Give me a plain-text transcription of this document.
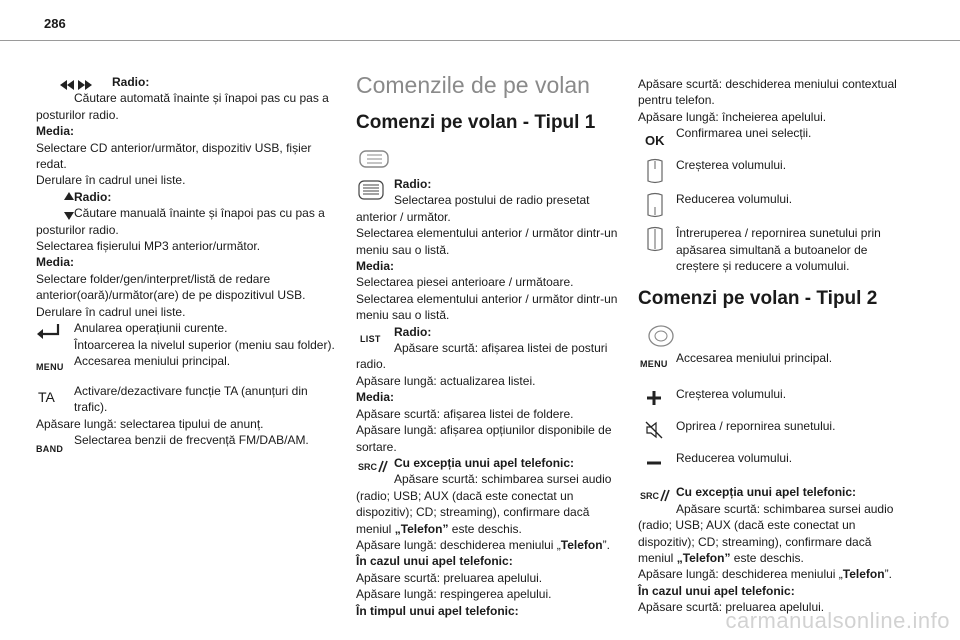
286
Radio:
Căutare automată înainte și înapoi pas cu pas a posturilor radio.
Media:
Selectare CD anterior/următor, dispozitiv USB, fișier redat.
Derulare în cadrul unei liste.
Radio:
Căutare manuală înainte și înapoi pas cu pas a posturilor radio.
Selectarea fișierului MP3 anterior/următor.
Media:
Selectare folder/gen/interpret/listă de redare anterior(oară)/următor(are) de pe dispozitivul USB.
Derulare în cadrul unei liste.
Anularea operațiunii curente.
Întoarcerea la nivelul superior (meniu sau folder).
MENU Accesarea meniului principal.
TA Activare/dezactivare funcție TA (anunțuri din trafic).
Apăsare lungă: selectarea tipului de anunț.
BAND
Selectarea benzii de frecvență FM/DAB/AM.
Comenzile de pe volan
Comenzi pe volan - Tipul 1
Radio:
Selectarea postului de radio presetat anterior / următor.
Selectarea elementului anterior / următor dintr-un meniu sau o listă.
Media:
Selectarea piesei anterioare / următoare.
Selectarea elementului anterior / următor dintr-un meniu sau o listă.
LIST	Radio:
Apăsare scurtă: afișarea listei de posturi radio.
Apăsare lungă: actualizarea listei.
Media:
Apăsare scurtă: afișarea listei de foldere.
Apăsare lungă: afișarea opțiunilor disponibile de sortare.
SRC	Cu excepția unui apel telefonic:
Apăsare scurtă: schimbarea sursei audio (radio; USB; AUX (dacă este conectat un dispozitiv); CD; streaming), confirmare dacă meniul „Telefon” este deschis.
Apăsare lungă: deschiderea meniului „Telefon”.
În cazul unui apel telefonic:
Apăsare scurtă: preluarea apelului.
Apăsare lungă: respingerea apelului.
În timpul unui apel telefonic:
Apăsare scurtă: deschiderea meniului contextual pentru telefon.
Apăsare lungă: încheierea apelului.
OK Confirmarea unei selecții.
Creșterea volumului.
Reducerea volumului.
Întreruperea / repornirea sunetului prin apăsarea simultană a butoanelor de creștere și reducere a volumului.
Comenzi pe volan - Tipul 2
MENU Accesarea meniului principal.
Creșterea volumului.
Oprirea / repornirea sunetului.
Reducerea volumului.
SRC	Cu excepția unui apel telefonic:
Apăsare scurtă: schimbarea sursei audio (radio; USB; AUX (dacă este conectat un dispozitiv); CD; streaming), confirmare dacă meniul „Telefon” este deschis.
Apăsare lungă: deschiderea meniului „Telefon”.
În cazul unui apel telefonic:
Apăsare scurtă: preluarea apelului.
carmanualsonline.info
